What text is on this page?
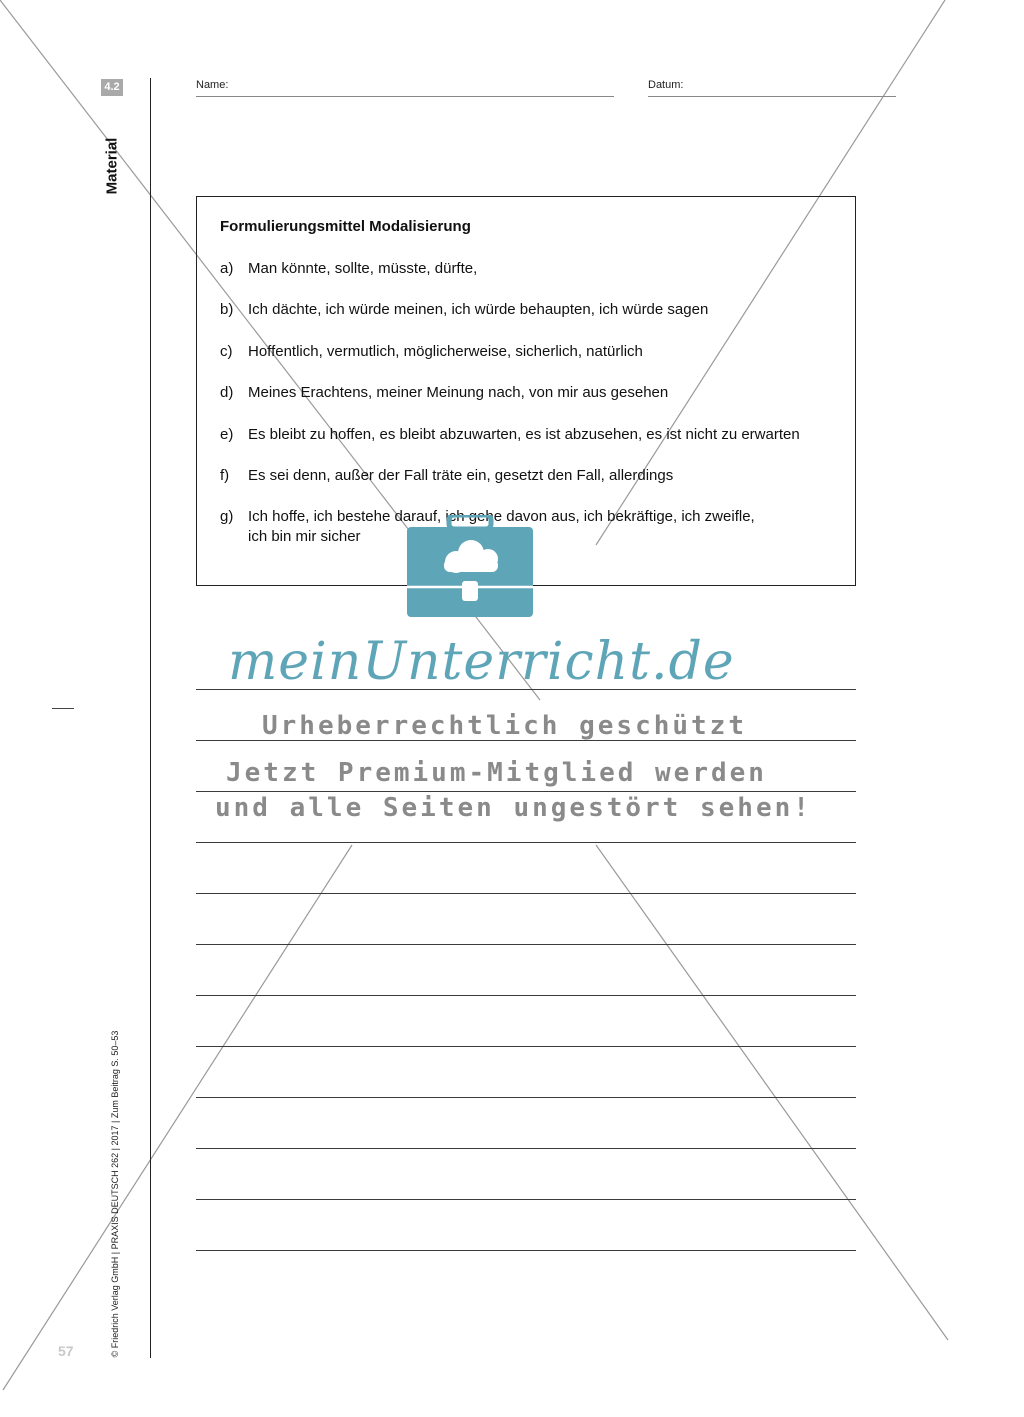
4.2
Material
© Friedrich Verlag GmbH | PRAXIS DEUTSCH 262 | 2017 | Zum Beitrag S. 50–53
57
Name:	Datum:
Formulierungsmittel Modalisierung
a) Man könnte, sollte, müsste, dürfte,
b) Ich dächte, ich würde meinen, ich würde behaupten, ich würde sagen
c) Hoffentlich, vermutlich, möglicherweise, sicherlich, natürlich
d) Meines Erachtens, meiner Meinung nach, von mir aus gesehen
e) Es bleibt zu hoffen, es bleibt abzuwarten, es ist abzusehen, es ist nicht zu erwarten
f) Es sei denn, außer der Fall träte ein, gesetzt den Fall, allerdings
g) Ich hoffe, ich bestehe darauf, ich gehe davon aus, ich bekräftige, ich zweifle,
ich bin mir sicher
meinUnterricht.de
Urheberrechtlich geschützt
Jetzt Premium-Mitglied werden
und alle Seiten ungestört sehen!
